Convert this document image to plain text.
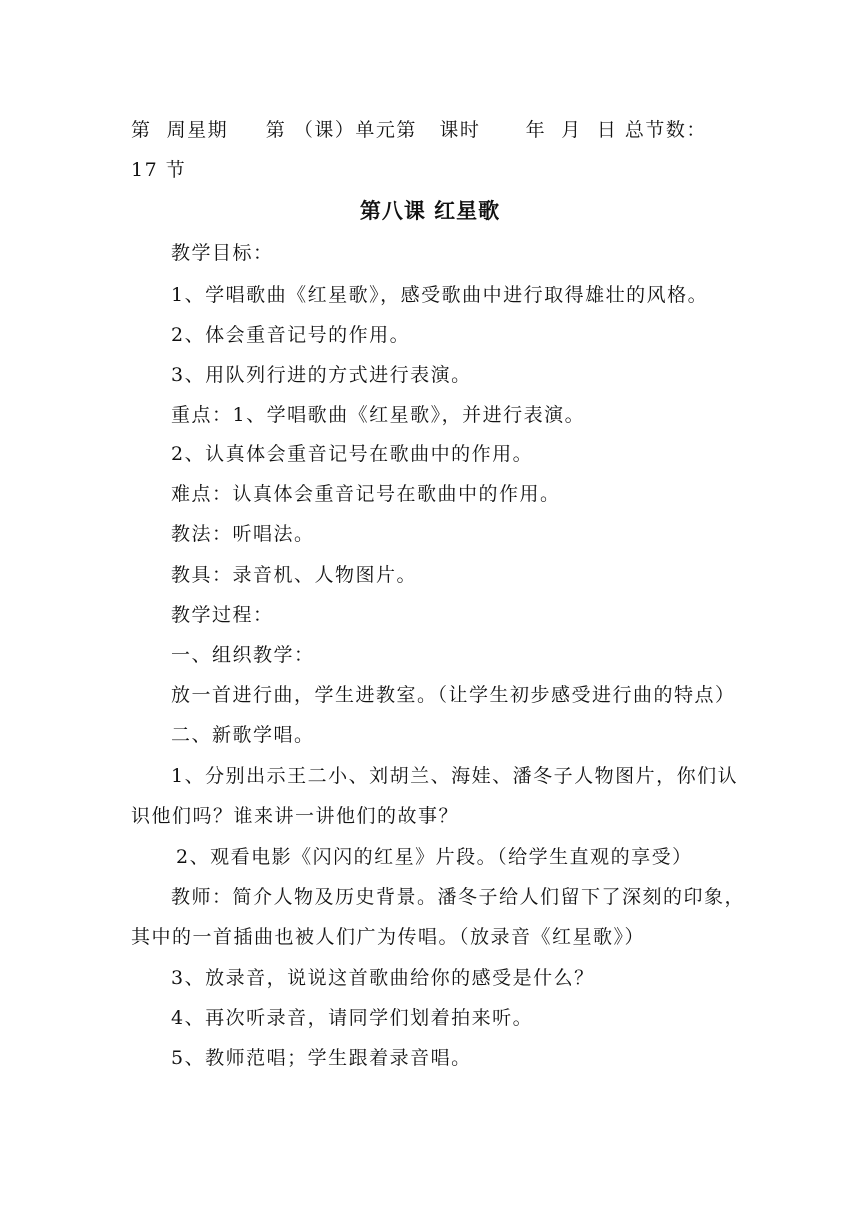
第  周星期     第 （课）单元第   课时      年  月  日 总节数：
17 节
第八课 红星歌
教学目标：
1、学唱歌曲《红星歌》，感受歌曲中进行取得雄壮的风格。
2、体会重音记号的作用。
3、用队列行进的方式进行表演。
重点：1、学唱歌曲《红星歌》，并进行表演。
2、认真体会重音记号在歌曲中的作用。
难点：认真体会重音记号在歌曲中的作用。
教法：听唱法。
教具：录音机、人物图片。
教学过程：
一、组织教学：
放一首进行曲，学生进教室。（让学生初步感受进行曲的特点）
二、新歌学唱。
1、分别出示王二小、刘胡兰、海娃、潘冬子人物图片，你们认
识他们吗？谁来讲一讲他们的故事？
2、观看电影《闪闪的红星》片段。（给学生直观的享受）
教师：简介人物及历史背景。潘冬子给人们留下了深刻的印象，
其中的一首插曲也被人们广为传唱。（放录音《红星歌》）
3、放录音，说说这首歌曲给你的感受是什么？
4、再次听录音，请同学们划着拍来听。
5、教师范唱；学生跟着录音唱。
